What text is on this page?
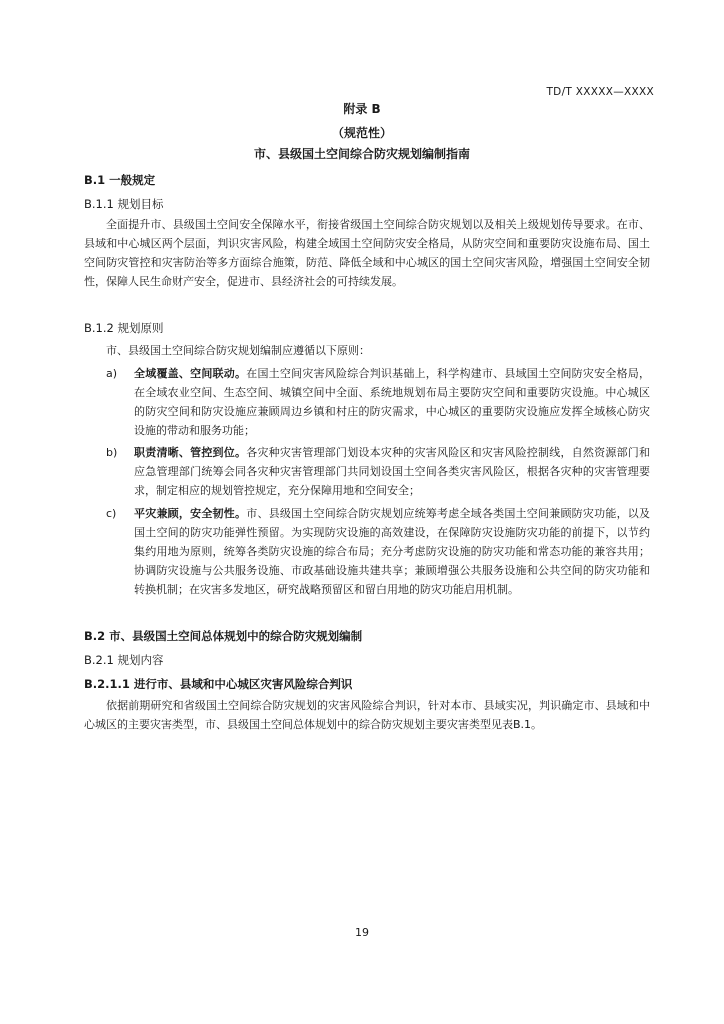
TD/T XXXXX—XXXX
附录 B
（规范性）
市、县级国土空间综合防灾规划编制指南
B.1 一般规定
B.1.1 规划目标

全面提升市、县级国土空间安全保障水平，衔接省级国土空间综合防灾规划以及相关上级规划传导要求。在市、县域和中心城区两个层面，判识灾害风险，构建全域国土空间防灾安全格局，从防灾空间和重要防灾设施布局、国土空间防灾管控和灾害防治等多方面综合施策，防范、降低全域和中心城区的国土空间灾害风险，增强国土空间安全韧性，保障人民生命财产安全，促进市、县经济社会的可持续发展。

B.1.2 规划原则

市、县级国土空间综合防灾规划编制应遵循以下原则：

a)	全域覆盖、空间联动。在国土空间灾害风险综合判识基础上，科学构建市、县域国土空间防灾安全格局，在全域农业空间、生态空间、城镇空间中全面、系统地规划布局主要防灾空间和重要防灾设施。中心城区的防灾空间和防灾设施应兼顾周边乡镇和村庄的防灾需求，中心城区的重要防灾设施应发挥全域核心防灾设施的带动和服务功能；
b)	职责清晰、管控到位。各灾种灾害管理部门划设本灾种的灾害风险区和灾害风险控制线，自然资源部门和应急管理部门统筹会同各灾种灾害管理部门共同划设国土空间各类灾害风险区，根据各灾种的灾害管理要求，制定相应的规划管控规定，充分保障用地和空间安全；
c)	平灾兼顾，安全韧性。市、县级国土空间综合防灾规划应统筹考虑全域各类国土空间兼顾防灾功能，以及国土空间的防灾功能弹性预留。为实现防灾设施的高效建设，在保障防灾设施防灾功能的前提下，以节约集约用地为原则，统筹各类防灾设施的综合布局；充分考虑防灾设施的防灾功能和常态功能的兼容共用；协调防灾设施与公共服务设施、市政基础设施共建共享；兼顾增强公共服务设施和公共空间的防灾功能和转换机制；在灾害多发地区，研究战略预留区和留白用地的防灾功能启用机制。
B.2 市、县级国土空间总体规划中的综合防灾规划编制
B.2.1 规划内容
B.2.1.1 进行市、县域和中心城区灾害风险综合判识

依据前期研究和省级国土空间综合防灾规划的灾害风险综合判识，针对本市、县域实况，判识确定市、县域和中心城区的主要灾害类型，市、县级国土空间总体规划中的综合防灾规划主要灾害类型见表B.1。

19
